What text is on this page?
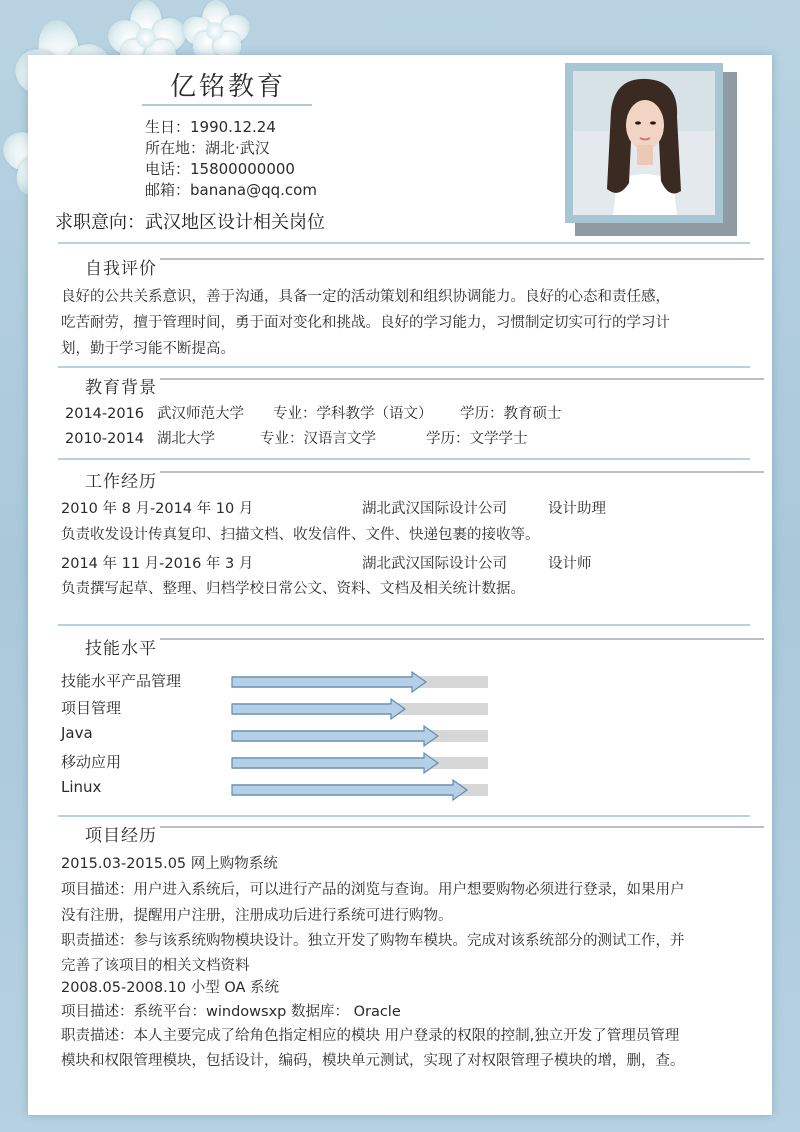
亿铭教育
生日：1990.12.24
所在地：湖北·武汉
电话：15800000000
邮箱：banana@qq.com
求职意向：武汉地区设计相关岗位
自我评价
良好的公共关系意识，善于沟通，具备一定的活动策划和组织协调能力。良好的心态和责任感，
吃苦耐劳，擅于管理时间，勇于面对变化和挑战。良好的学习能力，习惯制定切实可行的学习计
划，勤于学习能不断提高。
教育背景
2014-2016 武汉师范大学 专业：学科教学（语文） 学历：教育硕士
2010-2014 湖北大学	专业：汉语言文学	学历：文学学士
工作经历
2010 年 8 月-2014 年 10 月	湖北武汉国际设计公司	设计助理
负责收发设计传真复印、扫描文档、收发信件、文件、快递包裹的接收等。
2014 年 11 月-2016 年 3 月	湖北武汉国际设计公司	设计师
负责撰写起草、整理、归档学校日常公文、资料、文档及相关统计数据。
技能水平
技能水平产品管理
项目管理
Java
移动应用
Linux
项目经历
2015.03-2015.05 网上购物系统
项目描述：用户进入系统后，可以进行产品的浏览与查询。用户想要购物必须进行登录，如果用户
没有注册，提醒用户注册，注册成功后进行系统可进行购物。
职责描述：参与该系统购物模块设计。独立开发了购物车模块。完成对该系统部分的测试工作，并
完善了该项目的相关文档资料
2008.05-2008.10 小型 OA 系统
项目描述：系统平台：windowsxp 数据库： Oracle
职责描述：本人主要完成了给角色指定相应的模块 用户登录的权限的控制,独立开发了管理员管理
模块和权限管理模块，包括设计，编码，模块单元测试，实现了对权限管理子模块的增，删，查。
